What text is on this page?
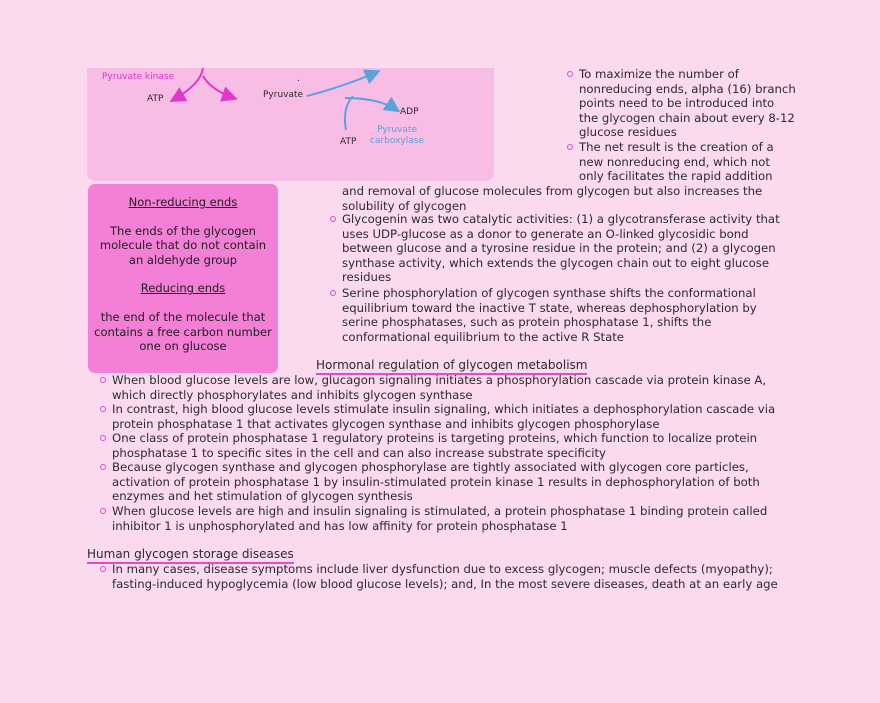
Pyruvate kinase
ATP	Pyruvate
.
ADP
ATP
Pyruvate
carboxylase
To maximize the number of nonreducing ends, alpha (16) branch points need to be introduced into the glycogen chain about every 8-12 glucose residues
The net result is the creation of a new nonreducing end, which not only facilitates the rapid addition
Non-reducing ends
The ends of the glycogen molecule that do not contain an aldehyde group
Reducing ends
the end of the molecule that contains a free carbon number one on glucose
and removal of glucose molecules from glycogen but also increases the solubility of glycogen
Glycogenin was two catalytic activities: (1) a glycotransferase activity that uses UDP-glucose as a donor to generate an O-linked glycosidic bond between glucose and a tyrosine residue in the protein; and (2) a glycogen synthase activity, which extends the glycogen chain out to eight glucose residues
Serine phosphorylation of glycogen synthase shifts the conformational equilibrium toward the inactive T state, whereas dephosphorylation by serine phosphatases, such as protein phosphatase 1, shifts the conformational equilibrium to the active R State
Hormonal regulation of glycogen metabolism
When blood glucose levels are low, glucagon signaling initiates a phosphorylation cascade via protein kinase A, which directly phosphorylates and inhibits glycogen synthase
In contrast, high blood glucose levels stimulate insulin signaling, which initiates a dephosphorylation cascade via protein phosphatase 1 that activates glycogen synthase and inhibits glycogen phosphorylase
One class of protein phosphatase 1 regulatory proteins is targeting proteins, which function to localize protein phosphatase 1 to specific sites in the cell and can also increase substrate specificity
Because glycogen synthase and glycogen phosphorylase are tightly associated with glycogen core particles, activation of protein phosphatase 1 by insulin-stimulated protein kinase 1 results in dephosphorylation of both enzymes and het stimulation of glycogen synthesis
When glucose levels are high and insulin signaling is stimulated, a protein phosphatase 1 binding protein called inhibitor 1 is unphosphorylated and has low affinity for protein phosphatase 1
Human glycogen storage diseases
In many cases, disease symptoms include liver dysfunction due to excess glycogen; muscle defects (myopathy); fasting-induced hypoglycemia (low blood glucose levels); and, In the most severe diseases, death at an early age
